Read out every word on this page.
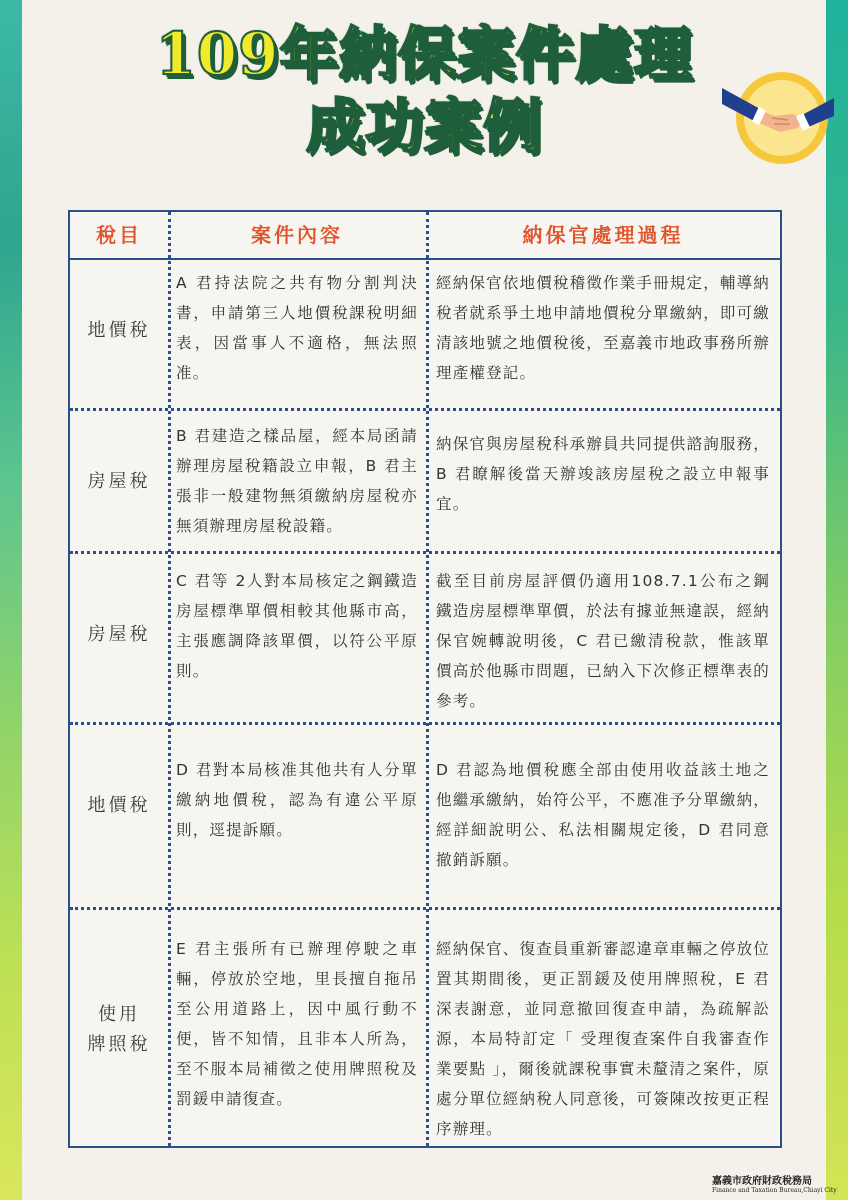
109年納保案件處理
成功案例
稅目	案件內容	納保官處理過程
地價稅
A 君持法院之共有物分割判決書，申請第三人地價稅課稅明細表，因當事人不適格，無法照准。
經納保官依地價稅稽徵作業手冊規定，輔導納稅者就系爭土地申請地價稅分單繳納，即可繳清該地號之地價稅後，至嘉義市地政事務所辦理產權登記。
房屋稅
B 君建造之樣品屋，經本局函請辦理房屋稅籍設立申報，B 君主張非一般建物無須繳納房屋稅亦無須辦理房屋稅設籍。
納保官與房屋稅科承辦員共同提供諮詢服務，B 君瞭解後當天辦竣該房屋稅之設立申報事宜。
房屋稅
C 君等 2人對本局核定之鋼鐵造房屋標準單價相較其他縣市高，主張應調降該單價，以符公平原則。
截至目前房屋評價仍適用108.7.1公布之鋼鐵造房屋標準單價，於法有據並無違誤，經納保官婉轉說明後，C 君已繳清稅款，惟該單價高於他縣市問題，已納入下次修正標準表的參考。
地價稅
D 君對本局核准其他共有人分單繳納地價稅，認為有違公平原則，逕提訴願。
D 君認為地價稅應全部由使用收益該土地之他繼承繳納，始符公平，不應准予分單繳納，經詳細說明公、私法相關規定後，D 君同意撤銷訴願。
使用
牌照稅
E 君主張所有已辦理停駛之車輛，停放於空地，里長擅自拖吊至公用道路上，因中風行動不便，皆不知情，且非本人所為，至不服本局補徵之使用牌照稅及罰鍰申請復查。
經納保官、復查員重新審認違章車輛之停放位置其期間後，更正罰鍰及使用牌照稅，E 君深表謝意，並同意撤回復查申請，為疏解訟源，本局特訂定「 受理復查案件自我審查作業要點 」，爾後就課稅事實未釐清之案件，原處分單位經納稅人同意後，可簽陳改按更正程序辦理。
嘉義市政府財政稅務局
Finance and Taxation Bureau,Chiayi City
